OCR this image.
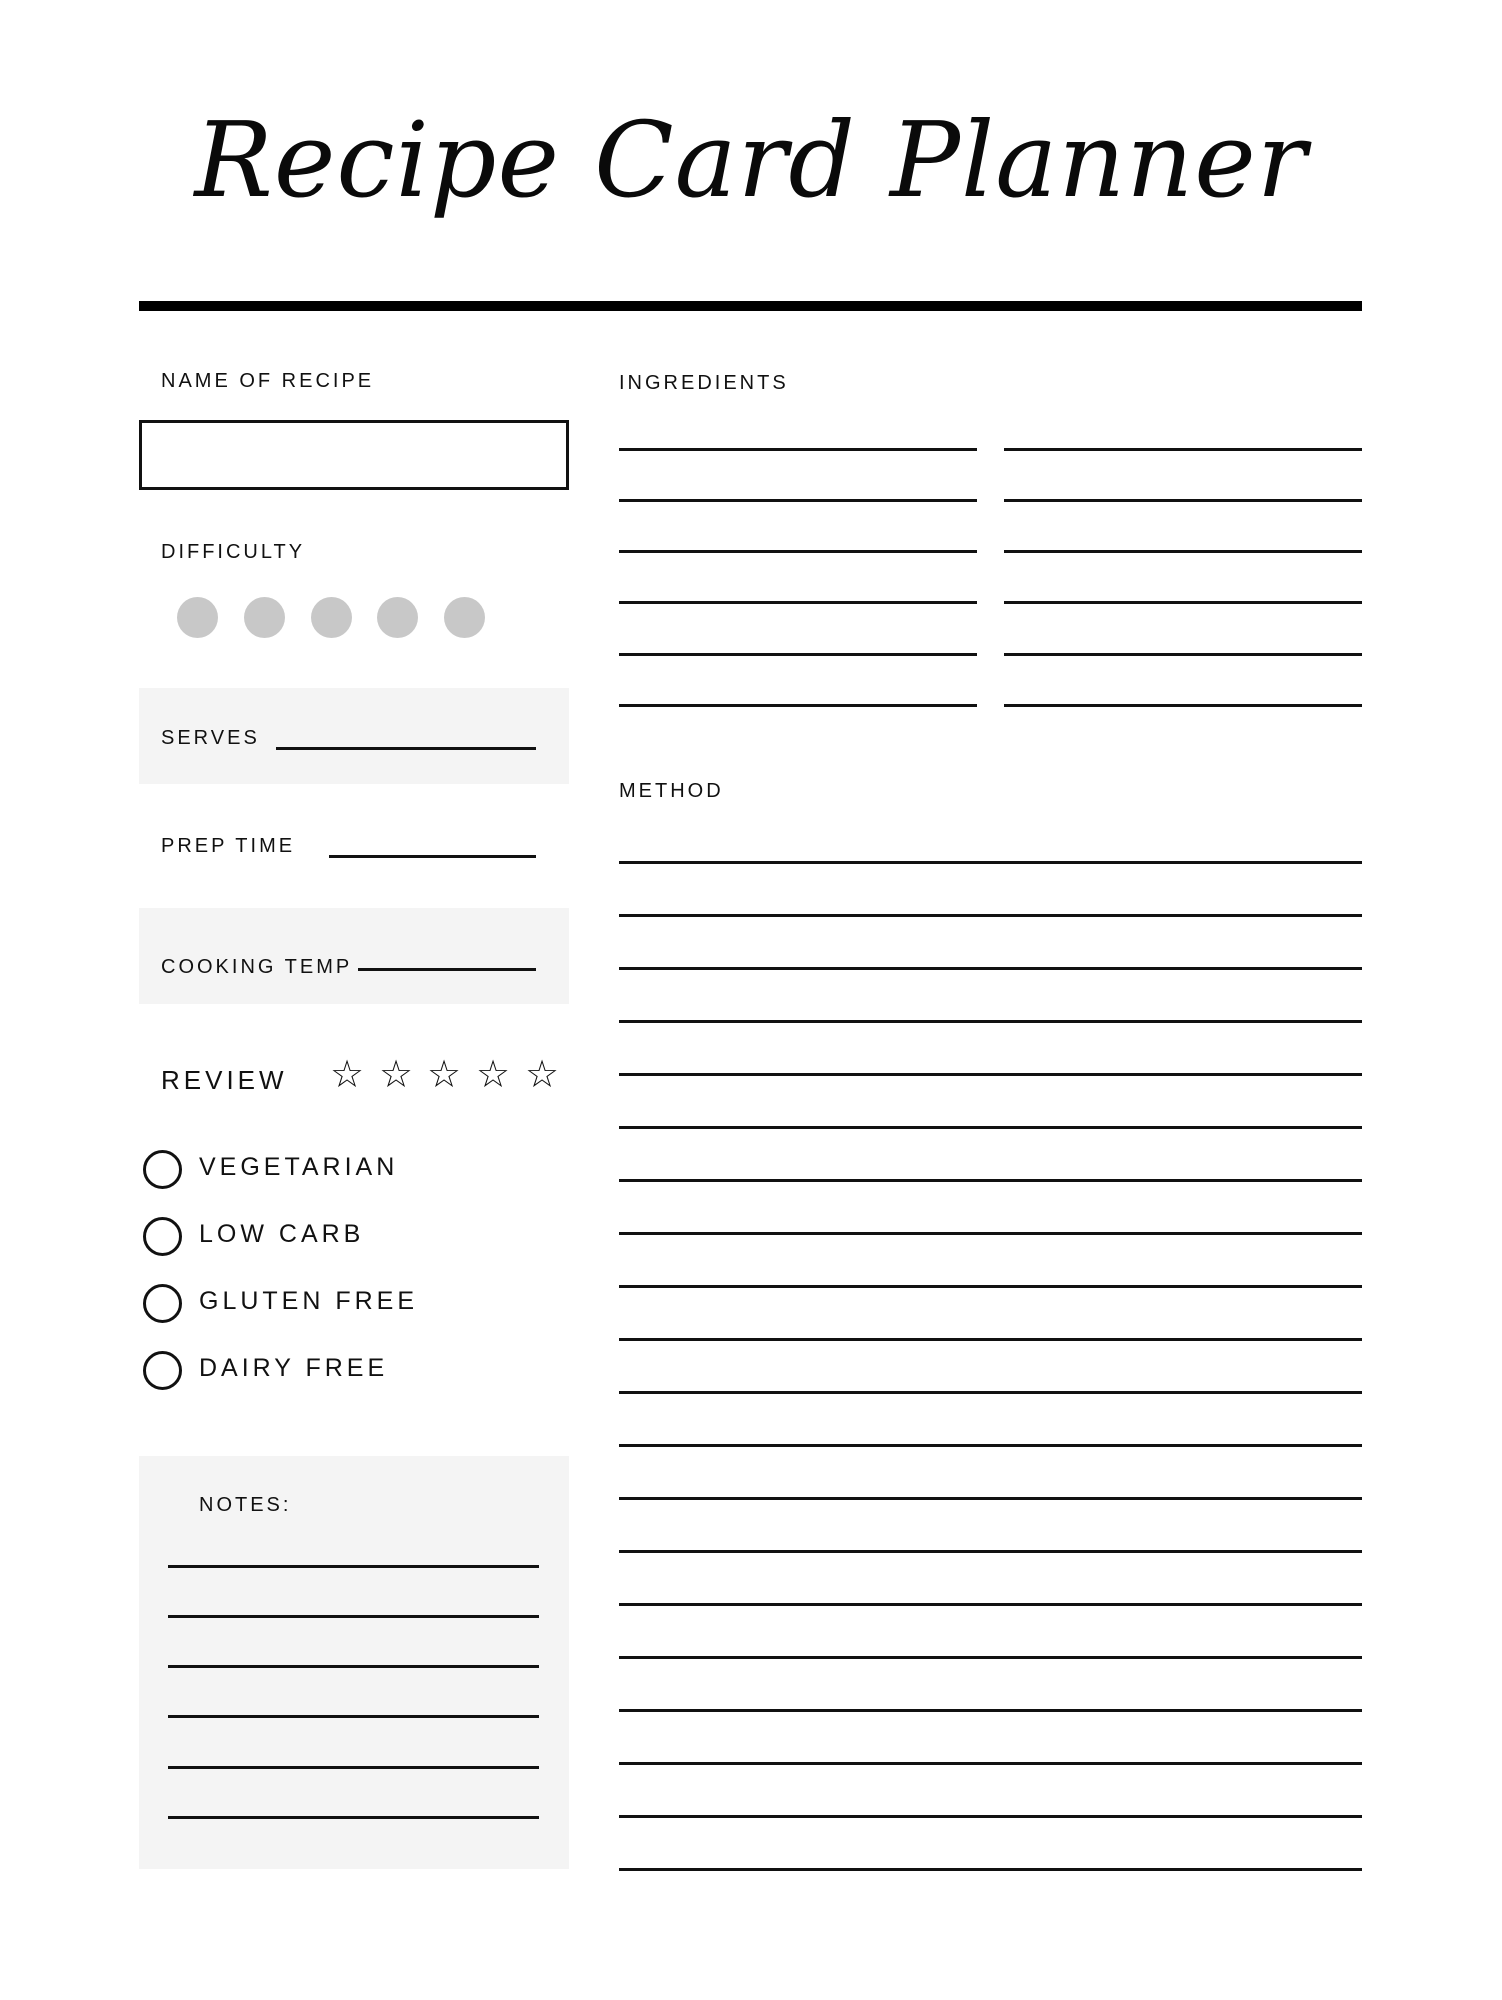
Recipe Card Planner
NAME OF RECIPE
DIFFICULTY
SERVES
PREP TIME
COOKING TEMP
REVIEW ☆ ☆ ☆ ☆ ☆
VEGETARIAN
LOW CARB
GLUTEN FREE
DAIRY FREE
NOTES:
INGREDIENTS
METHOD
